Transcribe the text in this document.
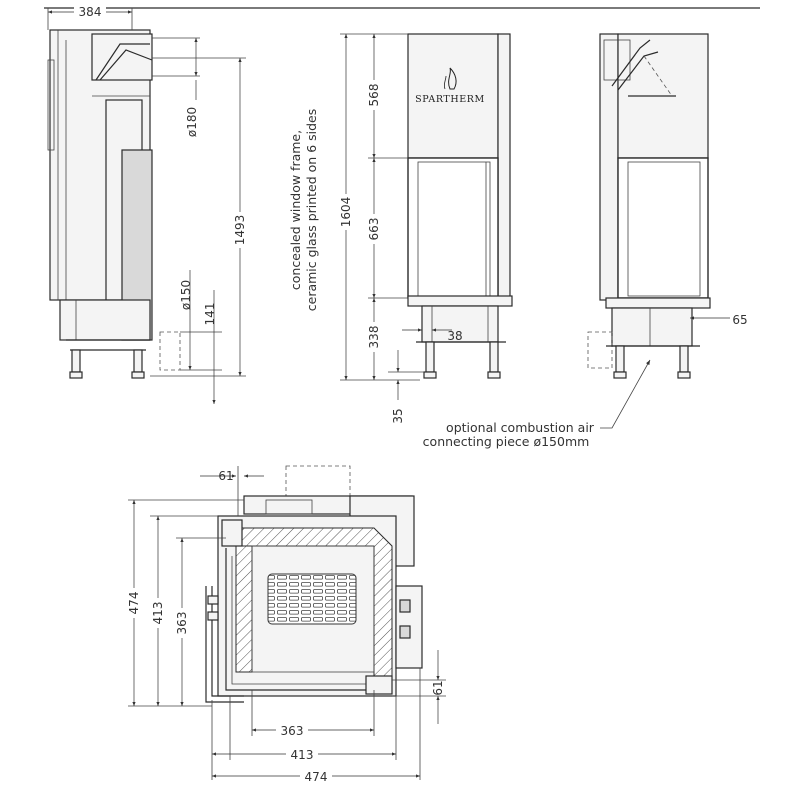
384
ø180
1493
ø150
141
SPARTHERM
concealed window frame, ceramic glass printed on 6 sides 1604
568
663
338	38
35
65
optional combustion air
connecting piece ø150mm
61
474 413 363
61
363
413
474
